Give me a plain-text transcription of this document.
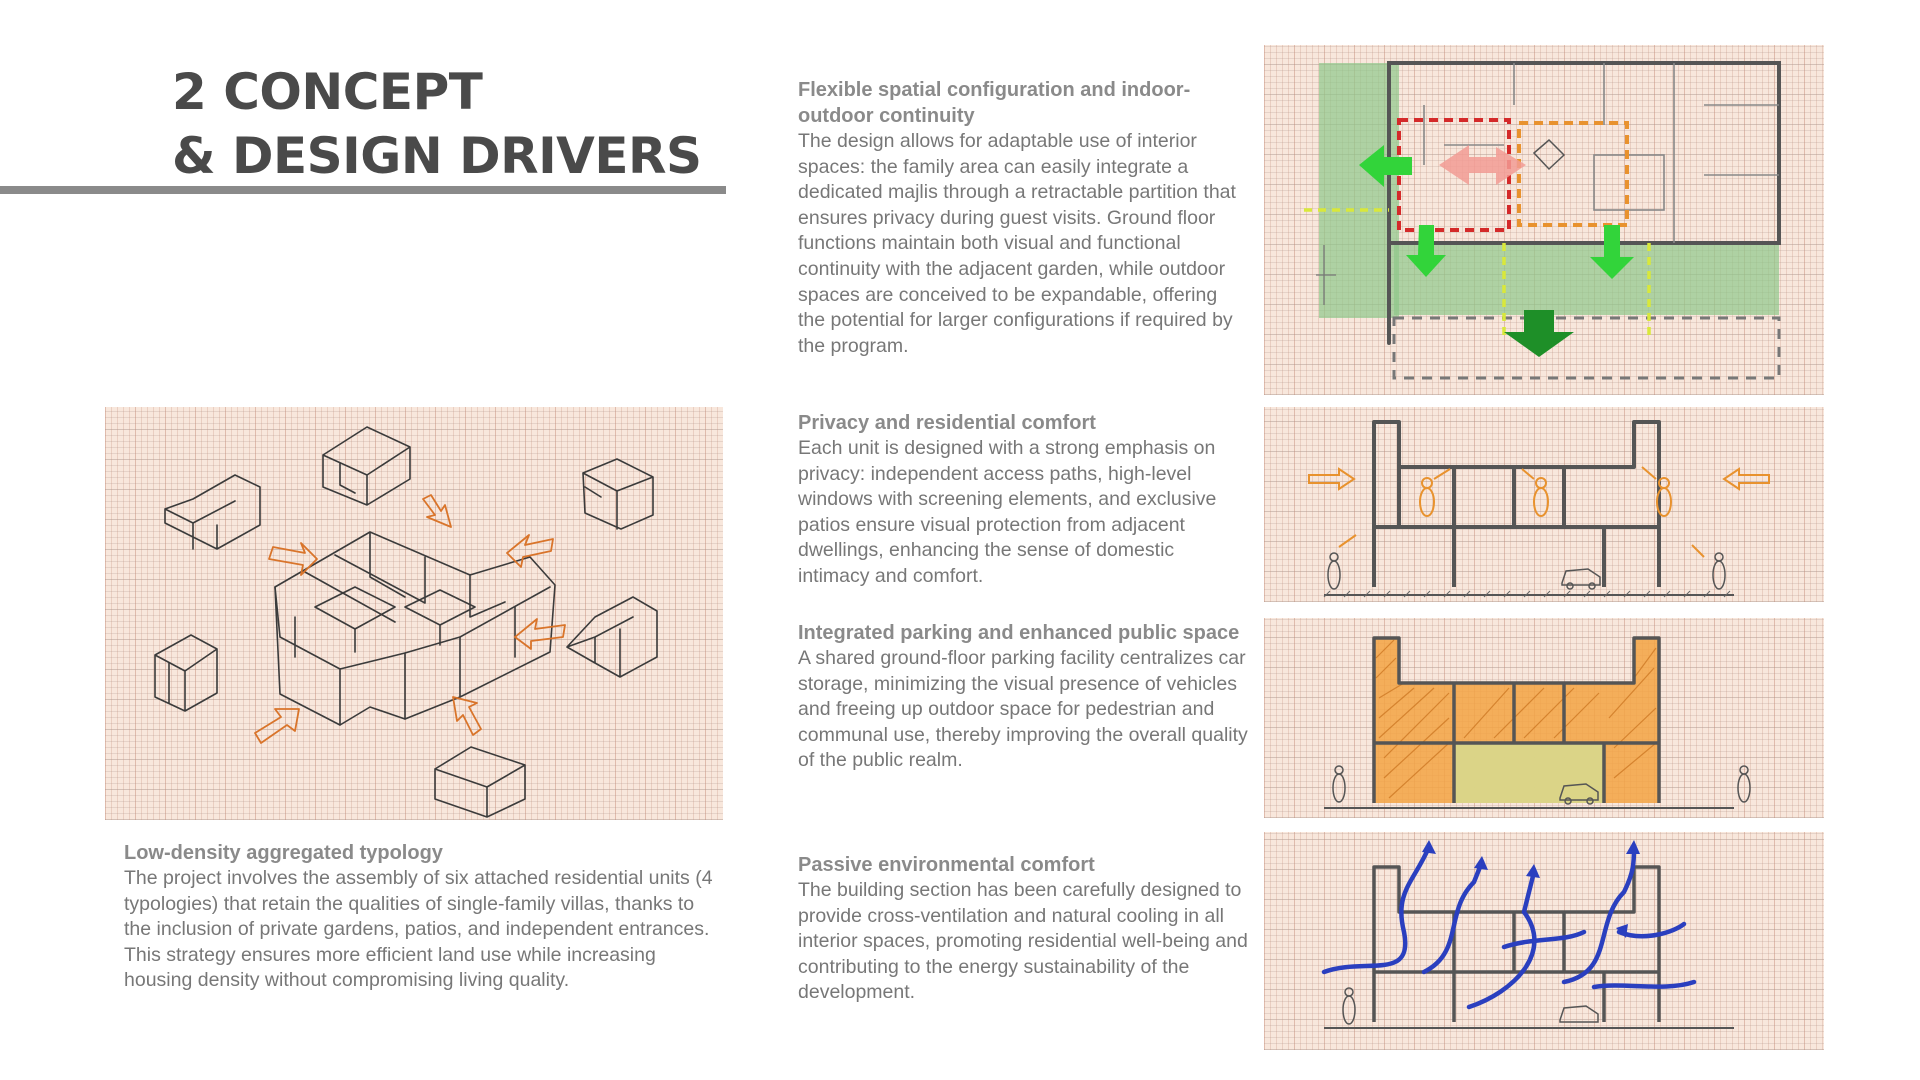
2 CONCEPT
& DESIGN DRIVERS
Low-density aggregated typology
The project involves the assembly of six attached residential units (4 typologies) that retain the qualities of single-family villas, thanks to the inclusion of private gardens, patios, and independent entrances. This strategy ensures more efficient land use while increasing housing density without compromising living quality.
Flexible spatial configuration and indoor-outdoor continuity
The design allows for adaptable use of interior spaces: the family area can easily integrate a dedicated majlis through a retractable partition that ensures privacy during guest visits. Ground floor functions maintain both visual and functional continuity with the adjacent garden, while outdoor spaces are conceived to be expandable, offering the potential for larger configurations if required by the program.
Privacy and residential comfort
Each unit is designed with a strong emphasis on privacy: independent access paths, high-level windows with screening elements, and exclusive patios ensure visual protection from adjacent dwellings, enhancing the sense of domestic intimacy and comfort.
Integrated parking and enhanced public space
A shared ground-floor parking facility centralizes car storage, minimizing the visual presence of vehicles and freeing up outdoor space for pedestrian and communal use, thereby improving the overall quality of the public realm.
Passive environmental comfort
The building section has been carefully designed to provide cross-ventilation and natural cooling in all interior spaces, promoting residential well-being and contributing to the energy sustainability of the development.
